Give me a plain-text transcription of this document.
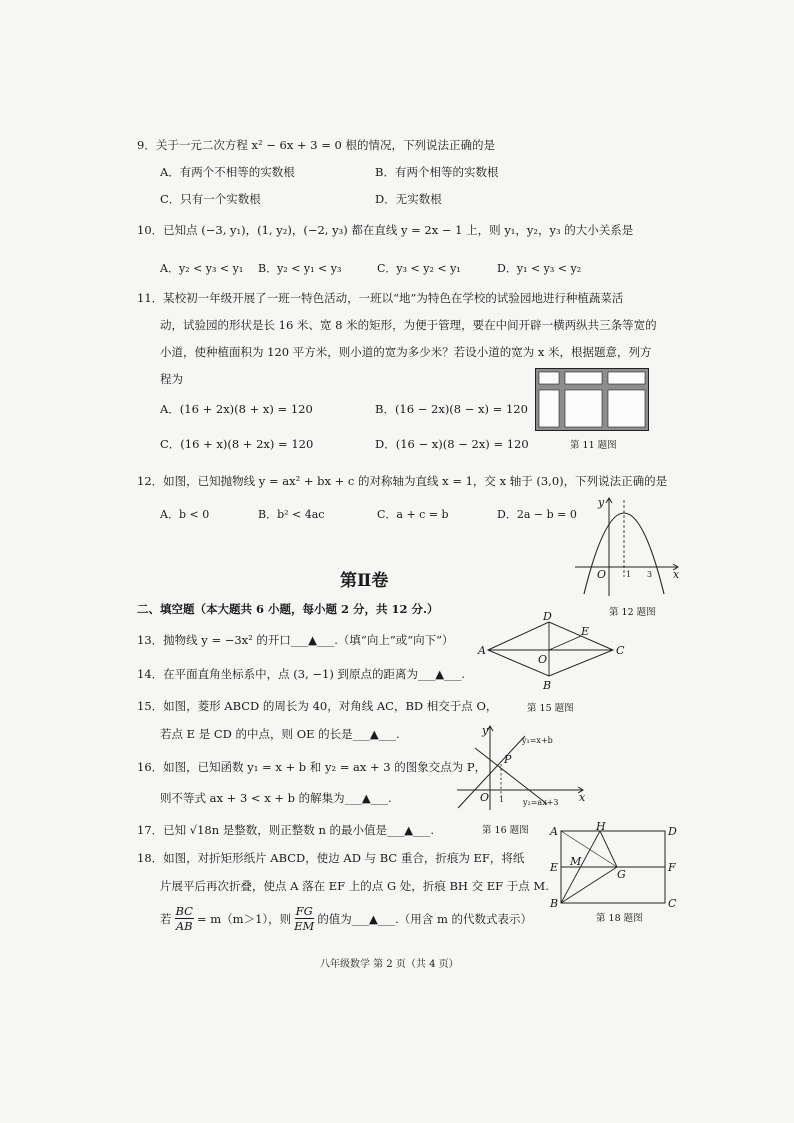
9．关于一元二次方程 x² − 6x + 3 = 0 根的情况，下列说法正确的是
A．有两个不相等的实数根	B．有两个相等的实数根
C．只有一个实数根	D．无实数根
10．已知点 (−3, y₁)，(1, y₂)，(−2, y₃) 都在直线 y = 2x − 1 上，则 y₁，y₂，y₃ 的大小关系是
A．y₂ < y₃ < y₁ B．y₂ < y₁ < y₃	C．y₃ < y₂ < y₁	D．y₁ < y₃ < y₂
11．某校初一年级开展了一班一特色活动，一班以“地”为特色在学校的试验园地进行种植蔬菜活
动，试验园的形状是长 16 米、宽 8 米的矩形，为便于管理，要在中间开辟一横两纵共三条等宽的
小道，使种植面积为 120 平方米，则小道的宽为多少米？若设小道的宽为 x 米，根据题意，列方
程为
A．(16 + 2x)(8 + x) = 120	B．(16 − 2x)(8 − x) = 120
C．(16 + x)(8 + 2x) = 120	D．(16 − x)(8 − 2x) = 120	第 11 题图
12．如图，已知抛物线 y = ax² + bx + c 的对称轴为直线 x = 1，交 x 轴于 (3,0)，下列说法正确的是
A．b < 0	B．b² < 4ac	C．a + c = b	D．2a − b = 0
y
x
O 1 3
第 12 题图
第Ⅱ卷
二、填空题（本大题共 6 小题，每小题 2 分，共 12 分.）
13．抛物线 y = −3x² 的开口___▲___.（填“向上”或“向下”）
A
D
E
C
O
B
14．在平面直角坐标系中，点 (3, −1) 到原点的距离为___▲___.
15．如图，菱形 ABCD 的周长为 40，对角线 AC，BD 相交于点 O，
若点 E 是 CD 的中点，则 OE 的长是___▲___.
第 15 题图
16．如图，已知函数 y₁ = x + b 和 y₂ = ax + 3 的图象交点为 P，
则不等式 ax + 3 < x + b 的解集为___▲___.
y
x
O 1
P
y₁=x+b
y₂=ax+3
17．已知 √18n 是整数，则正整数 n 的最小值是___▲___.	第 16 题图
18．如图，对折矩形纸片 ABCD，使边 AD 与 BC 重合，折痕为 EF，将纸
片展平后再次折叠，使点 A 落在 EF 上的点 G 处，折痕 BH 交 EF 于点 M.
若 $\frac{BC}{AB} = m(m>1)$，则 $\frac{FG}{EM}$ 的值为___▲___.（用含 m 的代数式表示）
A	H	D
E M
G
F
B	C
第 18 题图
八年级数学 第 2 页（共 4 页）
